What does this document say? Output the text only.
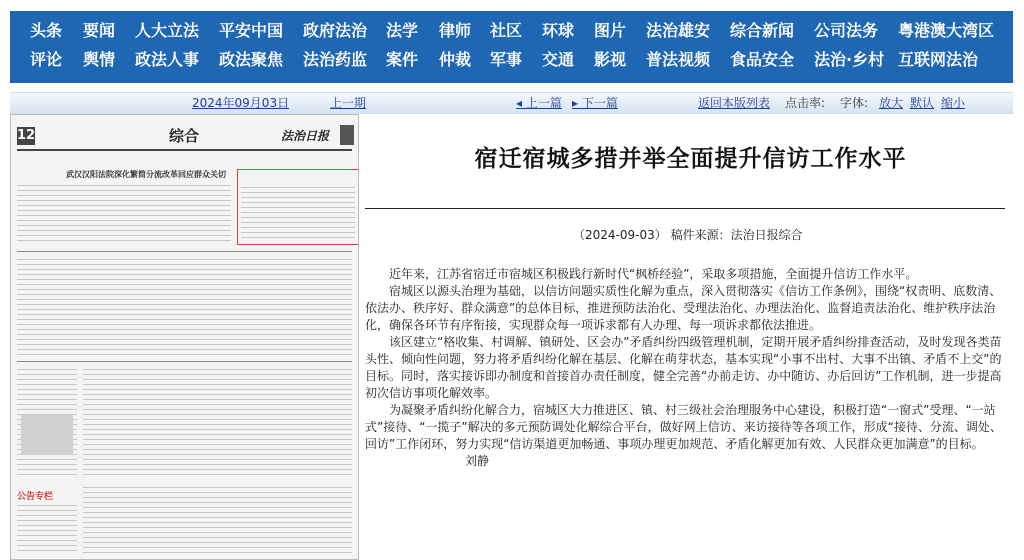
头条 要闻 人大立法 平安中国 政府法治 法学 律师 社区 环球 图片 法治雄安 综合新闻 公司法务 粤港澳大湾区
评论 舆情 政法人事 政法聚焦 法治药监 案件 仲裁 军事 交通 影视 普法视频 食品安全 法治·乡村 互联网法治
2024年09月03日	上一期	◂ 上一篇 ▸ 下一篇	返回本版列表 点击率: 字体: 放大 默认 缩小
12	综合	法治日报
武汉汉阳法院深化繁简分流改革回应群众关切
公告专栏
宿迁宿城多措并举全面提升信访工作水平
（2024-09-03） 稿件来源：法治日报综合

近年来，江苏省宿迁市宿城区积极践行新时代“枫桥经验”，采取多项措施，全面提升信访工作水平。

宿城区以源头治理为基础，以信访问题实质性化解为重点，深入贯彻落实《信访工作条例》，围绕“权责明、底数清、依法办、秩序好、群众满意”的总体目标，推进预防法治化、受理法治化、办理法治化、监督追责法治化、维护秩序法治化，确保各环节有序衔接，实现群众每一项诉求都有人办理、每一项诉求都依法推进。

该区建立“格收集、村调解、镇研处、区会办”矛盾纠纷四级管理机制，定期开展矛盾纠纷排查活动，及时发现各类苗头性、倾向性问题，努力将矛盾纠纷化解在基层、化解在萌芽状态，基本实现“小事不出村、大事不出镇、矛盾不上交”的目标。同时，落实接诉即办制度和首接首办责任制度，健全完善“办前走访、办中随访、办后回访”工作机制，进一步提高初次信访事项化解效率。

为凝聚矛盾纠纷化解合力，宿城区大力推进区、镇、村三级社会治理服务中心建设，积极打造“一窗式”受理、“一站式”接待、“一揽子”解决的多元预防调处化解综合平台，做好网上信访、来访接待等各项工作，形成“接待、分流、调处、回访”工作闭环，努力实现“信访渠道更加畅通、事项办理更加规范、矛盾化解更加有效、人民群众更加满意”的目标。刘静
